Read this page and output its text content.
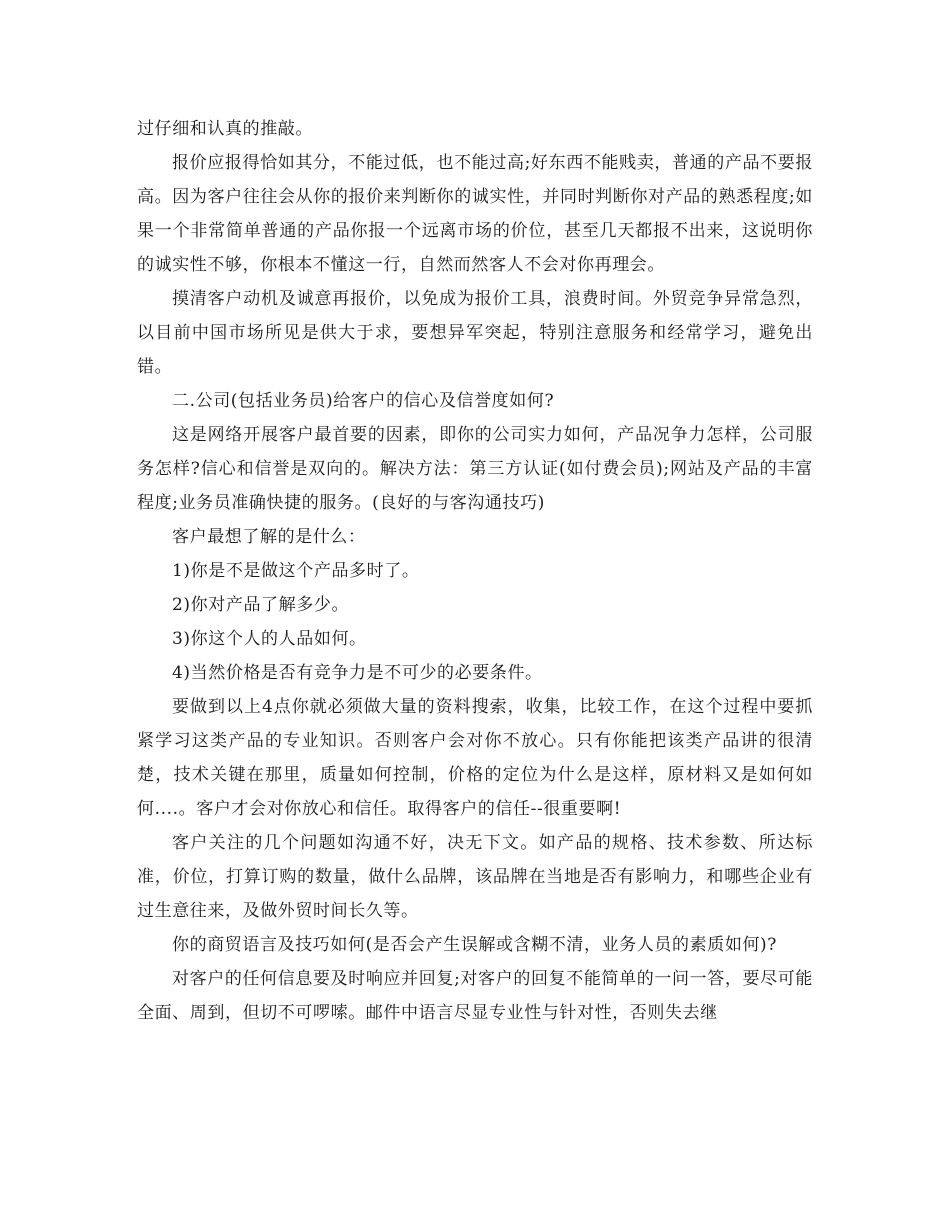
过仔细和认真的推敲。

报价应报得恰如其分，不能过低，也不能过高;好东西不能贱卖，普通的产品不要报高。因为客户往往会从你的报价来判断你的诚实性，并同时判断你对产品的熟悉程度;如果一个非常简单普通的产品你报一个远离市场的价位，甚至几天都报不出来，这说明你的诚实性不够，你根本不懂这一行，自然而然客人不会对你再理会。

摸清客户动机及诚意再报价，以免成为报价工具，浪费时间。外贸竞争异常急烈，以目前中国市场所见是供大于求，要想异军突起，特别注意服务和经常学习，避免出错。

二.公司(包括业务员)给客户的信心及信誉度如何?

这是网络开展客户最首要的因素，即你的公司实力如何，产品况争力怎样，公司服务怎样?信心和信誉是双向的。解决方法：第三方认证(如付费会员);网站及产品的丰富程度;业务员准确快捷的服务。(良好的与客沟通技巧)

客户最想了解的是什么：

1)你是不是做这个产品多时了。

2)你对产品了解多少。

3)你这个人的人品如何。

4)当然价格是否有竞争力是不可少的必要条件。

要做到以上4点你就必须做大量的资料搜索，收集，比较工作，在这个过程中要抓紧学习这类产品的专业知识。否则客户会对你不放心。只有你能把该类产品讲的很清楚，技术关键在那里，质量如何控制，价格的定位为什么是这样，原材料又是如何如何....。客户才会对你放心和信任。取得客户的信任--很重要啊!

客户关注的几个问题如沟通不好，决无下文。如产品的规格、技术参数、所达标准，价位，打算订购的数量，做什么品牌，该品牌在当地是否有影响力，和哪些企业有过生意往来，及做外贸时间长久等。

你的商贸语言及技巧如何(是否会产生误解或含糊不清，业务人员的素质如何)?

对客户的任何信息要及时响应并回复;对客户的回复不能简单的一问一答，要尽可能全面、周到，但切不可啰嗦。邮件中语言尽显专业性与针对性，否则失去继
